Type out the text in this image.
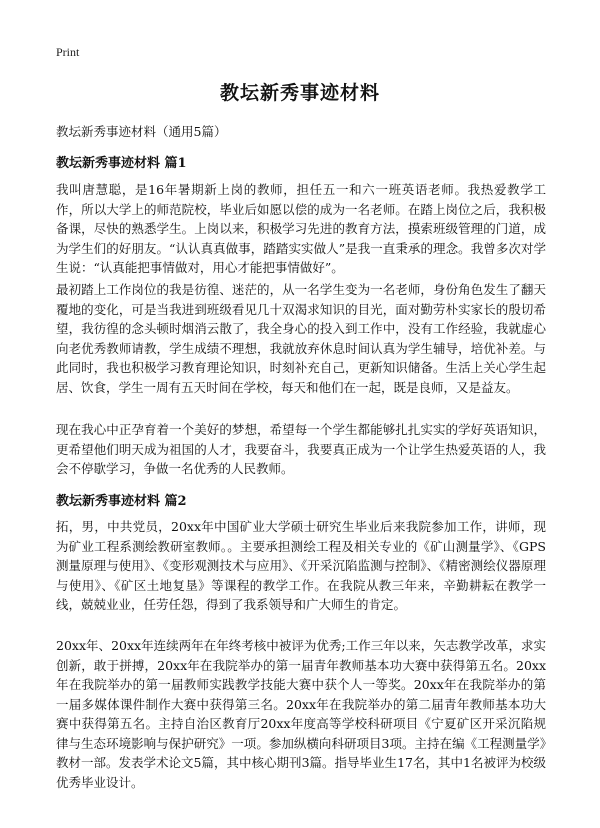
Print
教坛新秀事迹材料
教坛新秀事迹材料（通用5篇）
教坛新秀事迹材料 篇1
我叫唐慧聪，是16年暑期新上岗的教师，担任五一和六一班英语老师。我热爱教学工作，所以大学上的师范院校，毕业后如愿以偿的成为一名老师。在踏上岗位之后，我积极备课，尽快的熟悉学生。上岗以来，积极学习先进的教育方法，摸索班级管理的门道，成为学生们的好朋友。“认认真真做事，踏踏实实做人”是我一直秉承的理念。我曾多次对学生说：“认真能把事情做对，用心才能把事情做好”。
最初踏上工作岗位的我是彷徨、迷茫的，从一名学生变为一名老师，身份角色发生了翻天覆地的变化，可是当我进到班级看见几十双渴求知识的目光，面对勤劳朴实家长的殷切希望，我彷徨的念头顿时烟消云散了，我全身心的投入到工作中，没有工作经验，我就虚心向老优秀教师请教，学生成绩不理想，我就放弃休息时间认真为学生辅导，培优补差。与此同时，我也积极学习教育理论知识，时刻补充自己，更新知识储备。生活上关心学生起居、饮食，学生一周有五天时间在学校，每天和他们在一起，既是良师，又是益友。
现在我心中正孕育着一个美好的梦想，希望每一个学生都能够扎扎实实的学好英语知识，更希望他们明天成为祖国的人才，我要奋斗，我要真正成为一个让学生热爱英语的人，我会不停歇学习，争做一名优秀的人民教师。
教坛新秀事迹材料 篇2
拓，男，中共党员，20xx年中国矿业大学硕士研究生毕业后来我院参加工作，讲师，现为矿业工程系测绘教研室教师。。主要承担测绘工程及相关专业的《矿山测量学》、《GPS测量原理与使用》、《变形观测技术与应用》、《开采沉陷监测与控制》、《精密测绘仪器原理与使用》、《矿区土地复垦》等课程的教学工作。在我院从教三年来，辛勤耕耘在教学一线，兢兢业业，任劳任怨，得到了我系领导和广大师生的肯定。
20xx年、20xx年连续两年在年终考核中被评为优秀;工作三年以来，矢志教学改革，求实创新，敢于拼搏，20xx年在我院举办的第一届青年教师基本功大赛中获得第五名。20xx年在我院举办的第一届教师实践教学技能大赛中获个人一等奖。20xx年在我院举办的第一届多媒体课件制作大赛中获得第三名。20xx年在我院举办的第二届青年教师基本功大赛中获得第五名。主持自治区教育厅20xx年度高等学校科研项目《宁夏矿区开采沉陷规律与生态环境影响与保护研究》一项。参加纵横向科研项目3项。主持在编《工程测量学》教材一部。发表学术论文5篇，其中核心期刊3篇。指导毕业生17名，其中1名被评为校级优秀毕业设计。
